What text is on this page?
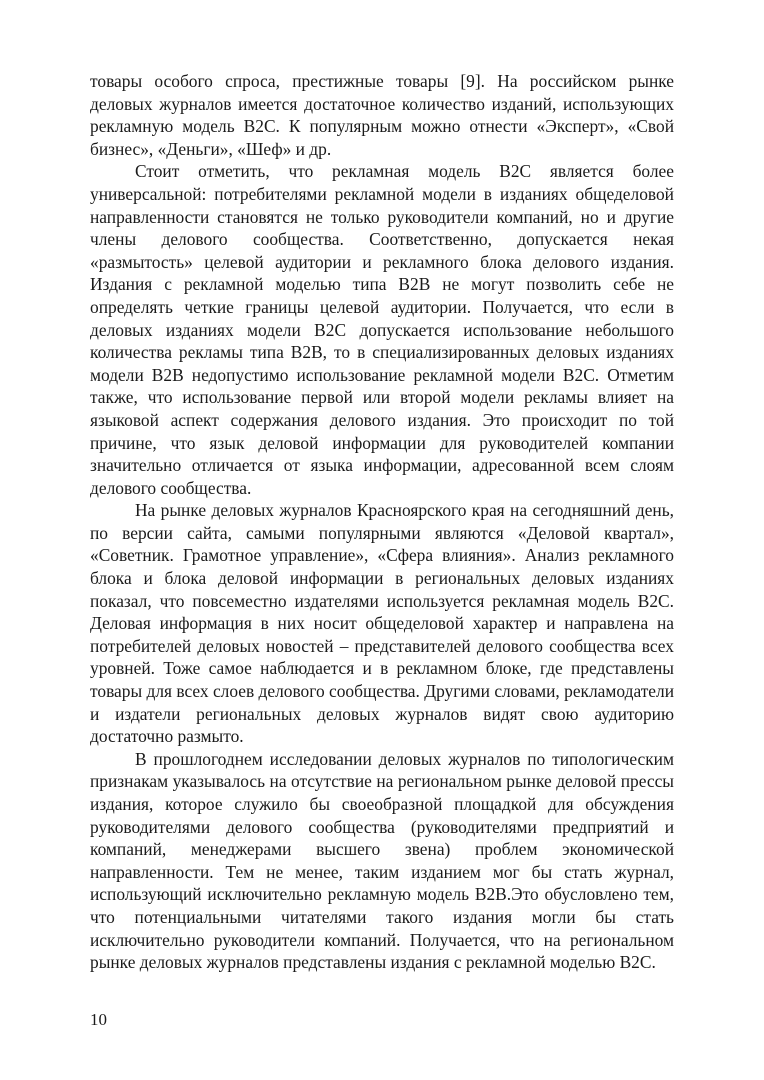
товары особого спроса, престижные товары [9]. На российском рынке деловых журналов имеется достаточное количество изданий, использующих рекламную модель В2С. К популярным можно отнести «Эксперт», «Свой бизнес», «Деньги», «Шеф» и др.

Стоит отметить, что рекламная модель В2С является более универсальной: потребителями рекламной модели в изданиях общеделовой направленности становятся не только руководители компаний, но и другие члены делового сообщества. Соответственно, допускается некая «размытость» целевой аудитории и рекламного блока делового издания. Издания с рекламной моделью типа В2В не могут позволить себе не определять четкие границы целевой аудитории. Получается, что если в деловых изданиях модели В2С допускается использование небольшого количества рекламы типа В2В, то в специализированных деловых изданиях модели В2В недопустимо использование рекламной модели В2С. Отметим также, что использование первой или второй модели рекламы влияет на языковой аспект содержания делового издания. Это происходит по той причине, что язык деловой информации для руководителей компании значительно отличается от языка информации, адресованной всем слоям делового сообщества.

На рынке деловых журналов Красноярского края на сегодняшний день, по версии сайта, самыми популярными являются «Деловой квартал», «Советник. Грамотное управление», «Сфера влияния». Анализ рекламного блока и блока деловой информации в региональных деловых изданиях показал, что повсеместно издателями используется рекламная модель В2С. Деловая информация в них носит общеделовой характер и направлена на потребителей деловых новостей – представителей делового сообщества всех уровней. Тоже самое наблюдается и в рекламном блоке, где представлены товары для всех слоев делового сообщества. Другими словами, рекламодатели и издатели региональных деловых журналов видят свою аудиторию достаточно размыто.

В прошлогоднем исследовании деловых журналов по типологическим признакам указывалось на отсутствие на региональном рынке деловой прессы издания, которое служило бы своеобразной площадкой для обсуждения руководителями делового сообщества (руководителями предприятий и компаний, менеджерами высшего звена) проблем экономической направленности. Тем не менее, таким изданием мог бы стать журнал, использующий исключительно рекламную модель В2В.Это обусловлено тем, что потенциальными читателями такого издания могли бы стать исключительно руководители компаний. Получается, что на региональном рынке деловых журналов представлены издания с рекламной моделью В2С.

10
